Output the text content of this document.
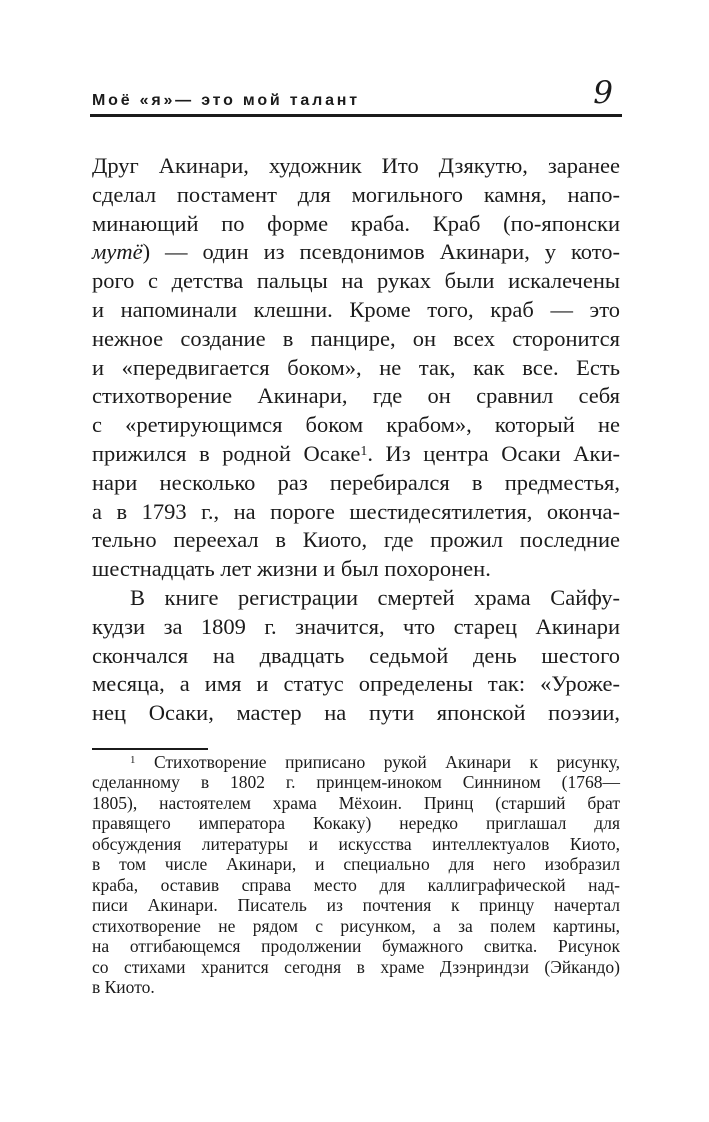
Моё «я»— это мой талант	9
Друг Акинари, художник Ито Дзякутю, заранее
сделал постамент для могильного камня, напо-
минающий по форме краба. Краб (по-японски
мутё) — один из псевдонимов Акинари, у кото-
рого с детства пальцы на руках были искалечены
и напоминали клешни. Кроме того, краб — это
нежное создание в панцире, он всех сторонится
и «передвигается боком», не так, как все. Есть
стихотворение Акинари, где он сравнил себя
с «ретирующимся боком крабом», который не
прижился в родной Осаке$^1$. Из центра Осаки Аки-
нари несколько раз перебирался в предместья,
а в 1793 г., на пороге шестидесятилетия, оконча-
тельно переехал в Киото, где прожил последние
шестнадцать лет жизни и был похоронен.
В книге регистрации смертей храма Сайфу-
кудзи за 1809 г. значится, что старец Акинари
скончался на двадцать седьмой день шестого
месяца, а имя и статус определены так: «Уроже-
нец Осаки, мастер на пути японской поэзии,
$^1$ Стихотворение приписано рукой Акинари к рисунку,
сделанному в 1802 г. принцем-иноком Синнином (1768—
1805), настоятелем храма Мёхоин. Принц (старший брат
правящего императора Кокаку) нередко приглашал для
обсуждения литературы и искусства интеллектуалов Киото,
в том числе Акинари, и специально для него изобразил
краба, оставив справа место для каллиграфической над-
писи Акинари. Писатель из почтения к принцу начертал
стихотворение не рядом с рисунком, а за полем картины,
на отгибающемся продолжении бумажного свитка. Рисунок
со стихами хранится сегодня в храме Дзэнриндзи (Эйкандо)
в Киото.
